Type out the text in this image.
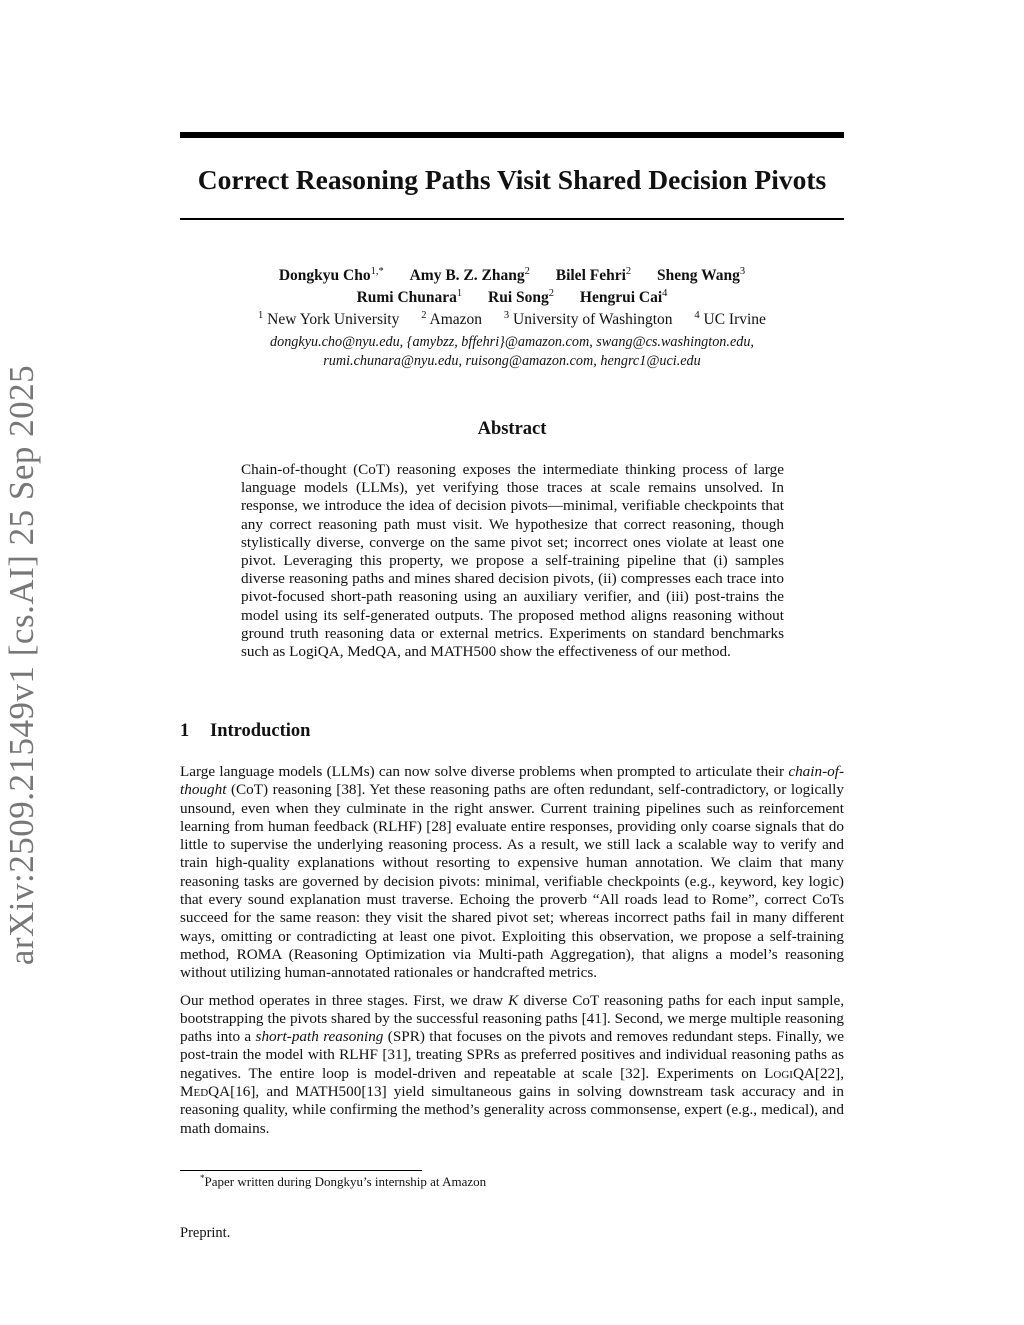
arXiv:2509.21549v1 [cs.AI] 25 Sep 2025
Correct Reasoning Paths Visit Shared Decision Pivots
Dongkyu Cho$^{1,*}$ Amy B. Z. Zhang$^2$ Bilel Fehri$^2$ Sheng Wang$^3$
Rumi Chunara$^1$ Rui Song$^2$ Hengrui Cai$^4$
$^1$ New York University $^2$ Amazon $^3$ University of Washington $^4$ UC Irvine
dongkyu.cho@nyu.edu, {amybzz, bffehri}@amazon.com, swang@cs.washington.edu,
rumi.chunara@nyu.edu, ruisong@amazon.com, hengrc1@uci.edu
Abstract
Chain-of-thought (CoT) reasoning exposes the intermediate thinking process of large language models (LLMs), yet verifying those traces at scale remains unsolved. In response, we introduce the idea of decision pivots—minimal, verifiable checkpoints that any correct reasoning path must visit. We hypothesize that correct reasoning, though stylistically diverse, converge on the same pivot set; incorrect ones violate at least one pivot. Leveraging this property, we propose a self-training pipeline that (i) samples diverse reasoning paths and mines shared decision pivots, (ii) compresses each trace into pivot-focused short-path reasoning using an auxiliary verifier, and (iii) post-trains the model using its self-generated outputs. The proposed method aligns reasoning without ground truth reasoning data or external metrics. Experiments on standard benchmarks such as LogiQA, MedQA, and MATH500 show the effectiveness of our method.
1 Introduction

Large language models (LLMs) can now solve diverse problems when prompted to articulate their chain-of-thought (CoT) reasoning [38]. Yet these reasoning paths are often redundant, self-contradictory, or logically unsound, even when they culminate in the right answer. Current training pipelines such as reinforcement learning from human feedback (RLHF) [28] evaluate entire responses, providing only coarse signals that do little to supervise the underlying reasoning process. As a result, we still lack a scalable way to verify and train high-quality explanations without resorting to expensive human annotation. We claim that many reasoning tasks are governed by decision pivots: minimal, verifiable checkpoints (e.g., keyword, key logic) that every sound explanation must traverse. Echoing the proverb “All roads lead to Rome”, correct CoTs succeed for the same reason: they visit the shared pivot set; whereas incorrect paths fail in many different ways, omitting or contradicting at least one pivot. Exploiting this observation, we propose a self-training method, ROMA (Reasoning Optimization via Multi-path Aggregation), that aligns a model’s reasoning without utilizing human-annotated rationales or handcrafted metrics.

Our method operates in three stages. First, we draw K diverse CoT reasoning paths for each input sample, bootstrapping the pivots shared by the successful reasoning paths [41]. Second, we merge multiple reasoning paths into a short-path reasoning (SPR) that focuses on the pivots and removes redundant steps. Finally, we post-train the model with RLHF [31], treating SPRs as preferred positives and individual reasoning paths as negatives. The entire loop is model-driven and repeatable at scale [32]. Experiments on LogiQA[22], MedQA[16], and MATH500[13] yield simultaneous gains in solving downstream task accuracy and in reasoning quality, while confirming the method’s generality across commonsense, expert (e.g., medical), and math domains.

*Paper written during Dongkyu’s internship at Amazon
Preprint.
